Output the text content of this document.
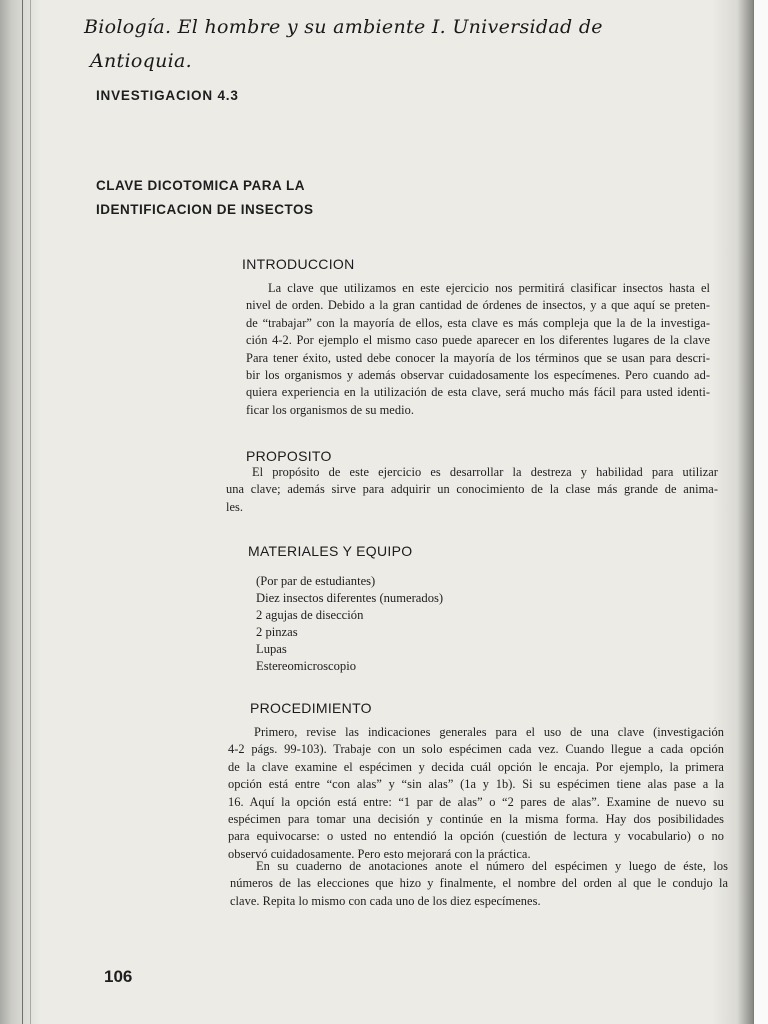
Biología. El hombre y su ambiente I. Universidad de
Antioquia.
INVESTIGACION 4.3
CLAVE DICOTOMICA PARA LA
IDENTIFICACION DE INSECTOS
INTRODUCCION

La clave que utilizamos en este ejercicio nos permitirá clasificar insectos hasta el
nivel de orden. Debido a la gran cantidad de órdenes de insectos, y a que aquí se preten-
de “trabajar” con la mayoría de ellos, esta clave es más compleja que la de la investiga-
ción 4-2. Por ejemplo el mismo caso puede aparecer en los diferentes lugares de la clave
Para tener éxito, usted debe conocer la mayoría de los términos que se usan para descri-
bir los organismos y además observar cuidadosamente los especímenes. Pero cuando ad-
quiera experiencia en la utilización de esta clave, será mucho más fácil para usted identi-
ficar los organismos de su medio.

PROPOSITO

El propósito de este ejercicio es desarrollar la destreza y habilidad para utilizar
una clave; además sirve para adquirir un conocimiento de la clase más grande de anima-
les.

MATERIALES Y EQUIPO
(Por par de estudiantes)
Diez insectos diferentes (numerados)
2 agujas de disección
2 pinzas
Lupas
Estereomicroscopio
PROCEDIMIENTO

Primero, revise las indicaciones generales para el uso de una clave (investigación
4-2 págs. 99-103). Trabaje con un solo espécimen cada vez. Cuando llegue a cada opción
de la clave examine el espécimen y decida cuál opción le encaja. Por ejemplo, la primera
opción está entre “con alas” y “sin alas” (1a y 1b). Si su espécimen tiene alas pase a la
16. Aquí la opción está entre: “1 par de alas” o “2 pares de alas”. Examine de nuevo su
espécimen para tomar una decisión y continúe en la misma forma. Hay dos posibilidades
para equivocarse: o usted no entendió la opción (cuestión de lectura y vocabulario) o no
observó cuidadosamente. Pero esto mejorará con la práctica.

En su cuaderno de anotaciones anote el número del espécimen y luego de éste, los
números de las elecciones que hizo y finalmente, el nombre del orden al que le condujo la
clave. Repita lo mismo con cada uno de los diez especímenes.

106
